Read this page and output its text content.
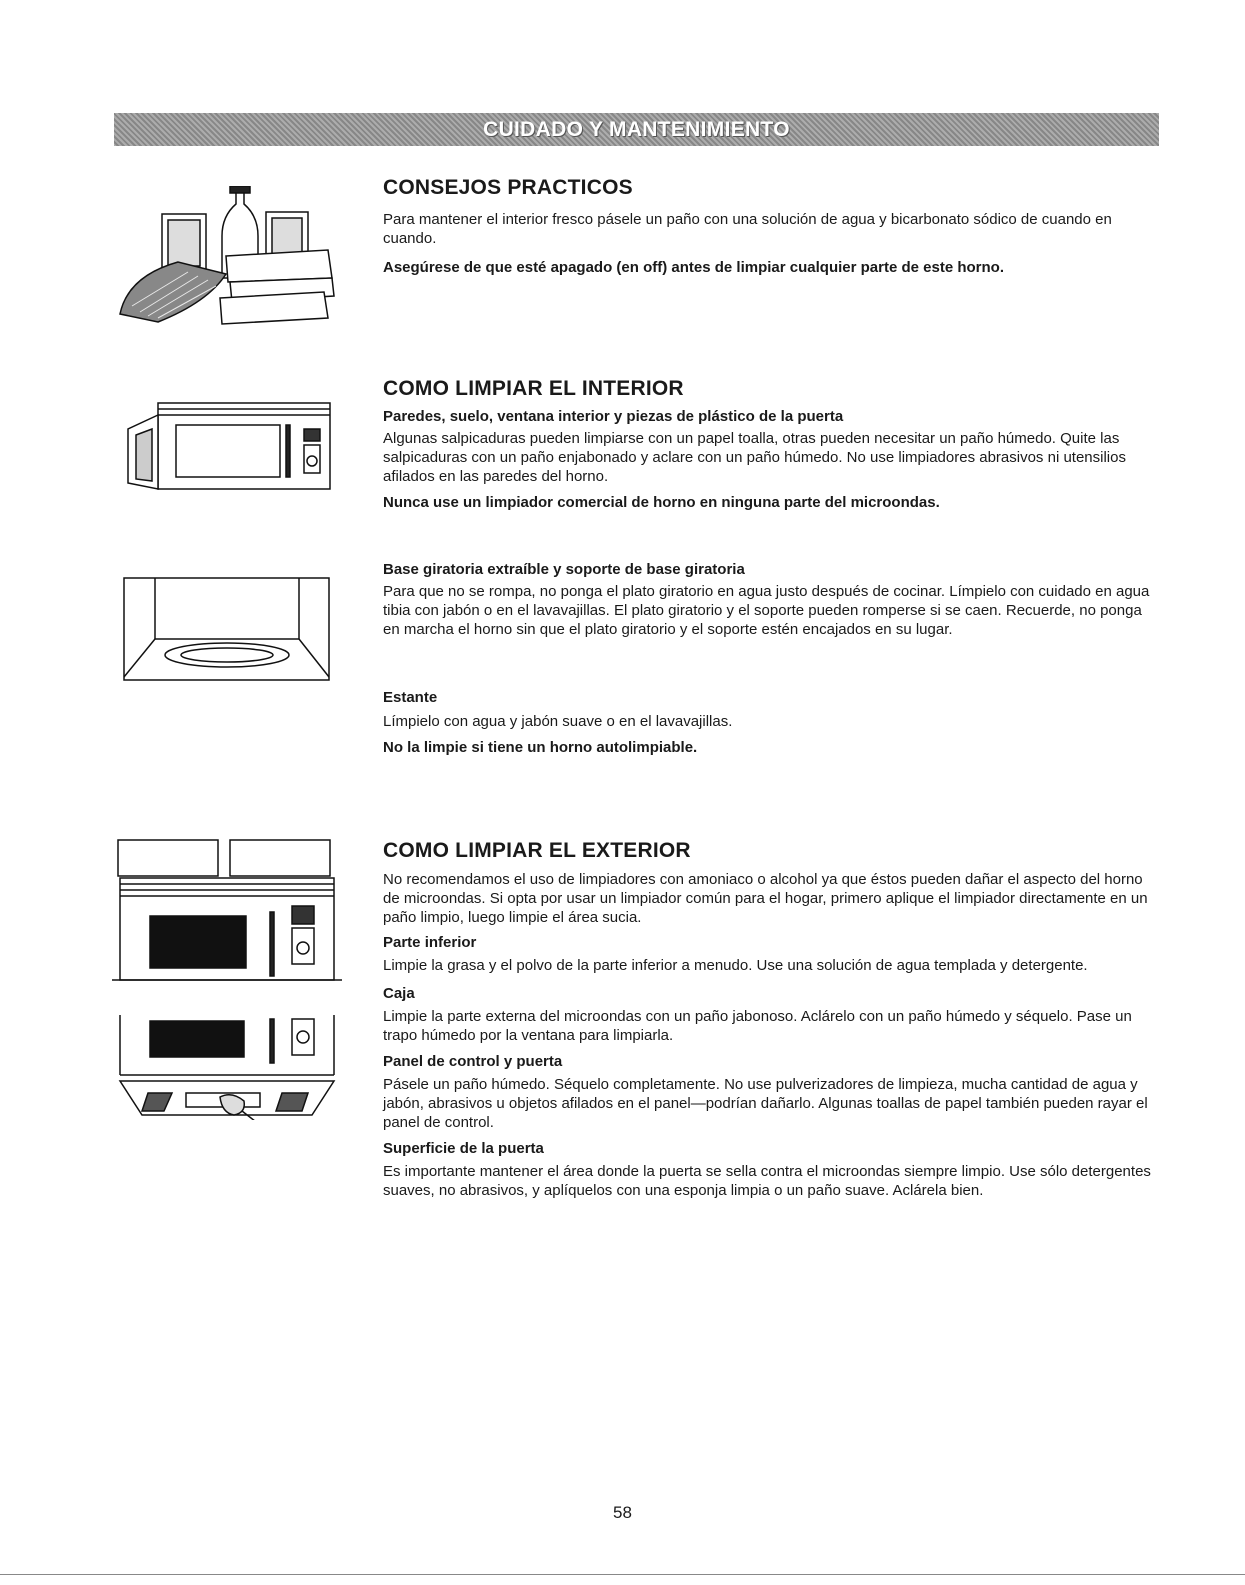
CUIDADO Y MANTENIMIENTO
CONSEJOS PRACTICOS

Para mantener el interior fresco pásele un paño con una solución de agua y bicarbonato sódico de cuando en cuando.

Asegúrese de que esté apagado (en off) antes de limpiar cualquier parte de este horno.

COMO LIMPIAR EL INTERIOR
Paredes, suelo, ventana interior y piezas de plástico de la puerta

Algunas salpicaduras pueden limpiarse con un papel toalla, otras pueden necesitar un paño húmedo. Quite las salpicaduras con un paño enjabonado y aclare con un paño húmedo. No use limpiadores abrasivos ni utensilios afilados en las paredes del horno.

Nunca use un limpiador comercial de horno en ninguna parte del microondas.

Base giratoria extraíble y soporte de base giratoria

Para que no se rompa, no ponga el plato giratorio en agua justo después de cocinar. Límpielo con cuidado en agua tibia con jabón o en el lavavajillas. El plato giratorio y el soporte pueden romperse si se caen. Recuerde, no ponga en marcha el horno sin que el plato giratorio y el soporte estén encajados en su lugar.

Estante

Límpielo con agua y jabón suave o en el lavavajillas.

No la limpie si tiene un horno autolimpiable.

COMO LIMPIAR EL EXTERIOR

No recomendamos el uso de limpiadores con amoniaco o alcohol ya que éstos pueden dañar el aspecto del horno de microondas. Si opta por usar un limpiador común para el hogar, primero aplique el limpiador directamente en un paño limpio, luego limpie el área sucia.

Parte inferior

Limpie la grasa y el polvo de la parte inferior a menudo. Use una solución de agua templada y detergente.

Caja

Limpie la parte externa del microondas con un paño jabonoso. Aclárelo con un paño húmedo y séquelo. Pase un trapo húmedo por la ventana para limpiarla.

Panel de control y puerta

Pásele un paño húmedo. Séquelo completamente. No use pulverizadores de limpieza, mucha cantidad de agua y jabón, abrasivos u objetos afilados en el panel—podrían dañarlo. Algunas toallas de papel también pueden rayar el panel de control.

Superficie de la puerta

Es importante mantener el área donde la puerta se sella contra el microondas siempre limpio. Use sólo detergentes suaves, no abrasivos, y aplíquelos con una esponja limpia o un paño suave. Aclárela bien.

58
